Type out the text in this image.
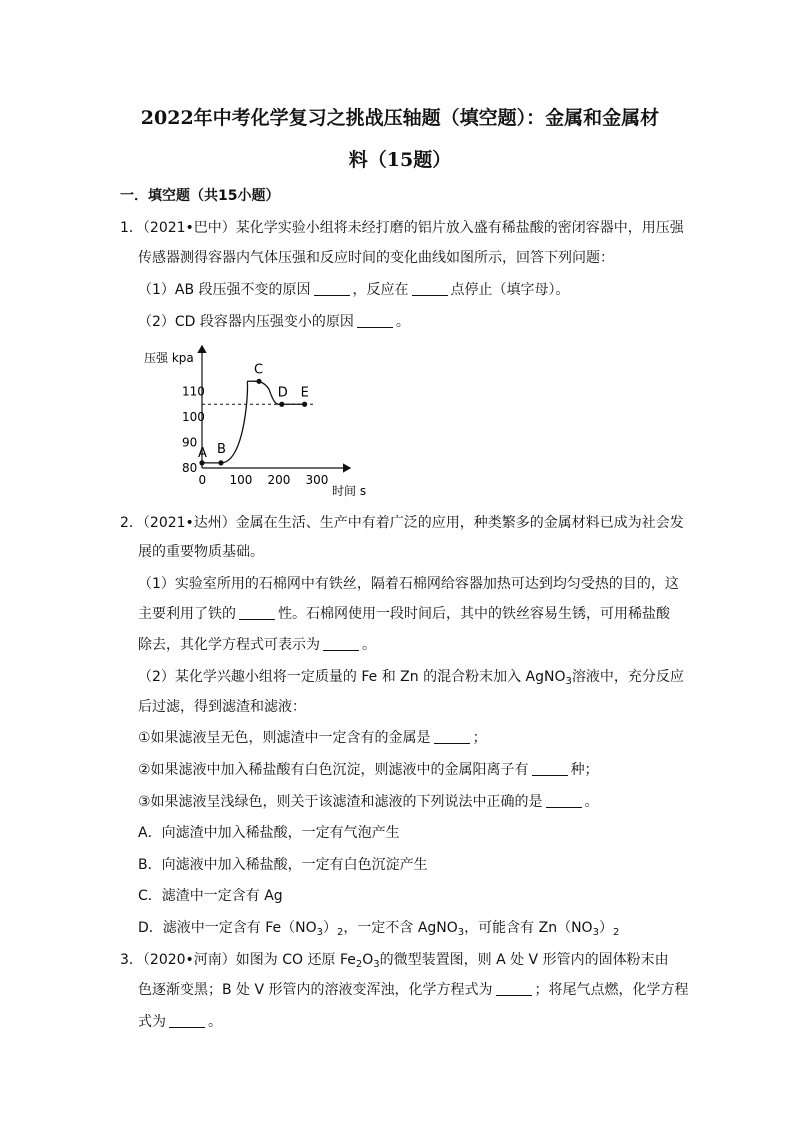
2022年中考化学复习之挑战压轴题（填空题）：金属和金属材
料（15题）
一．填空题（共15小题）
1．（2021•巴中）某化学实验小组将未经打磨的铝片放入盛有稀盐酸的密闭容器中，用压强
传感器测得容器内气体压强和反应时间的变化曲线如图所示，回答下列问题：
（1）AB 段压强不变的原因	，反应在	点停止（填字母）。
（2）CD 段容器内压强变小的原因	。
压强 kpa
时间 s
80
90
100
110
0 100 200 300
A B
C
D E
2．（2021•达州）金属在生活、生产中有着广泛的应用，种类繁多的金属材料已成为社会发
展的重要物质基础。
（1）实验室所用的石棉网中有铁丝，隔着石棉网给容器加热可达到均匀受热的目的，这
主要利用了铁的	性。石棉网使用一段时间后，其中的铁丝容易生锈，可用稀盐酸
除去，其化学方程式可表示为	。
（2）某化学兴趣小组将一定质量的 Fe 和 Zn 的混合粉末加入 AgNO$_3$溶液中，充分反应
后过滤，得到滤渣和滤液：
①如果滤液呈无色，则滤渣中一定含有的金属是	；
②如果滤液中加入稀盐酸有白色沉淀，则滤液中的金属阳离子有	种；
③如果滤液呈浅绿色，则关于该滤渣和滤液的下列说法中正确的是	。
A．向滤渣中加入稀盐酸，一定有气泡产生
B．向滤液中加入稀盐酸，一定有白色沉淀产生
C．滤渣中一定含有 Ag
D．滤液中一定含有 $Fe(NO_3)_2$，一定不含 AgNO$_3$，可能含有 $Zn(NO_3)_2$
3．（2020•河南）如图为 CO 还原 $Fe_2O_3$的微型装置图，则 A 处 V 形管内的固体粉末由
色逐渐变黑；B 处 V 形管内的溶液变浑浊，化学方程式为	；将尾气点燃，化学方程
式为	。
